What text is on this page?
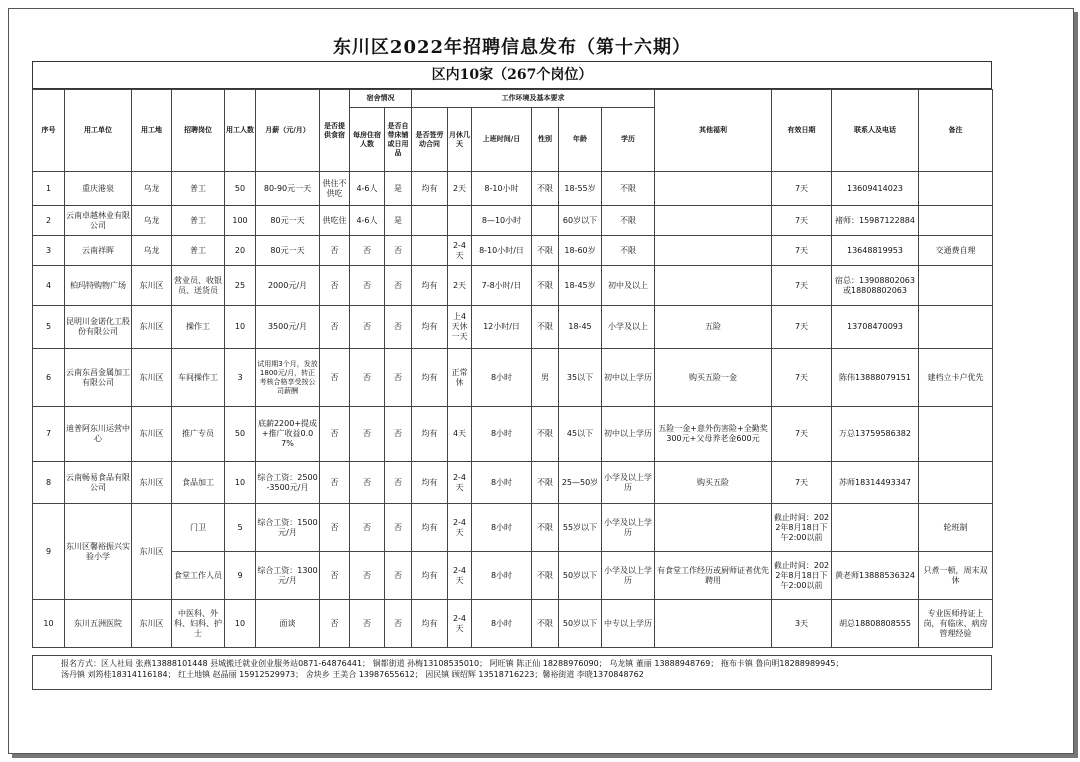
东川区2022年招聘信息发布（第十六期）
区内10家（267个岗位）
序号	用工单位	用工地	招聘岗位	用工人数	月薪（元/月）	是否提供食宿	宿舍情况		工作环境及基本要求						其他福利	有效日期	联系人及电话	备注
							每房住宿人数	是否自带床铺或日用品	是否签劳动合同	月休几天	上班时间/日	性别	年龄	学历				
1	重庆港泉	乌龙	普工	50	80-90元一天	供住不供吃	4-6人	是	均有	2天	8-10小时	不限	18-55岁	不限		7天	13609414023	
2	云南卓越林业有限公司	乌龙	普工	100	80元一天	供吃住	4-6人	是			8—10小时		60岁以下	不限		7天	褚师：15987122884	
3	云南祥晖	乌龙	普工	20	80元一天	否	否	否		2-4天	8-10小时/日	不限	18-60岁	不限		7天	13648819953	交通费自理
4	柏玛特购物广场	东川区	营业员、收银员、送货员	25	2000元/月	否	否	否	均有	2天	7-8小时/日	不限	18-45岁	初中及以上		7天	宿总：13908802063或18808802063	
5	昆明川金诺化工股份有限公司	东川区	操作工	10	3500元/月	否	否	否	均有	上4天休一天	12小时/日	不限	18-45	小学及以上	五险	7天	13708470093	
6	云南东昌金属加工有限公司	东川区	车间操作工	3	试用期3个月，发放1800元/月，转正考核合格享受按公司薪酬	否	否	否	均有	正常休	8小时	男	35以下	初中以上学历	购买五险一金	7天	陈伟13888079151	建档立卡户优先
7	迪普阿东川运营中心	东川区	推广专员	50	底薪2200+提成+推广收益0.07%	否	否	否	均有	4天	8小时	不限	45以下	初中以上学历	五险一金+意外伤害险+全勤奖300元+父母养老金600元	7天	万总13759586382	
8	云南畅易食品有限公司	东川区	食品加工	10	综合工资：2500-3500元/月	否	否	否	均有	2-4天	8小时	不限	25—50岁	小学及以上学历	购买五险	7天	苏师18314493347	
9	东川区馨裕振兴实验小学	东川区	门卫	5	综合工资：1500元/月	否	否	否	均有	2-4天	8小时	不限	55岁以下	小学及以上学历		截止时间：2022年8月18日下午2:00以前		轮班制
			食堂工作人员	9	综合工资：1300元/月	否	否	否	均有	2-4天	8小时	不限	50岁以下	小学及以上学历	有食堂工作经历或厨师证者优先聘用	截止时间：2022年8月18日下午2:00以前	黄老师13888536324	只煮一顿，周末双休
10	东川五洲医院	东川区	中医科、外科、妇科、护士	10	面谈	否	否	否	均有	2-4天	8小时	不限	50岁以下	中专以上学历		3天	胡总18808808555	专业医师持证上岗，有临床、病房管理经验
报名方式：区人社局 张燕13888101448 县城搬迁就业创业服务站0871-64876441； 铜都街道 孙梅13108535010； 阿旺镇 陈正仙 18288976090； 乌龙镇 董丽 13888948769； 拖布卡镇 鲁向明18288989945；
汤丹镇 刘筠桂18314116184； 红土地镇 赵晶丽 15912529973； 舍块乡 王美合 13987655612； 因民镇 顾绍辉 13518716223；馨裕街道 李晓1370848762
